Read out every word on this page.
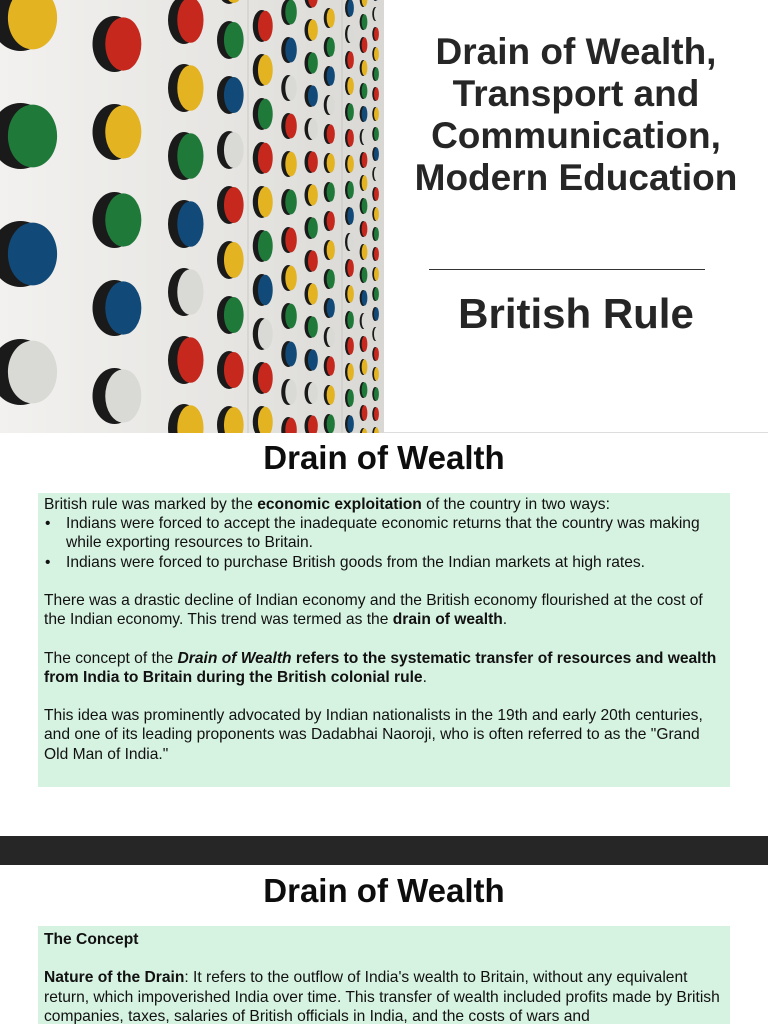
Drain of Wealth, Transport and Communication, Modern Education
British Rule
Drain of Wealth

British rule was marked by the economic exploitation of the country in two ways:

• Indians were forced to accept the inadequate economic returns that the country was making while exporting resources to Britain.
• Indians were forced to purchase British goods from the Indian markets at high rates.

There was a drastic decline of Indian economy and the British economy flourished at the cost of the Indian economy. This trend was termed as the drain of wealth.

The concept of the Drain of Wealth refers to the systematic transfer of resources and wealth from India to Britain during the British colonial rule.

This idea was prominently advocated by Indian nationalists in the 19th and early 20th centuries, and one of its leading proponents was Dadabhai Naoroji, who is often referred to as the "Grand Old Man of India."

Drain of Wealth

The Concept

Nature of the Drain: It refers to the outflow of India's wealth to Britain, without any equivalent return, which impoverished India over time. This transfer of wealth included profits made by British companies, taxes, salaries of British officials in India, and the costs of wars and
